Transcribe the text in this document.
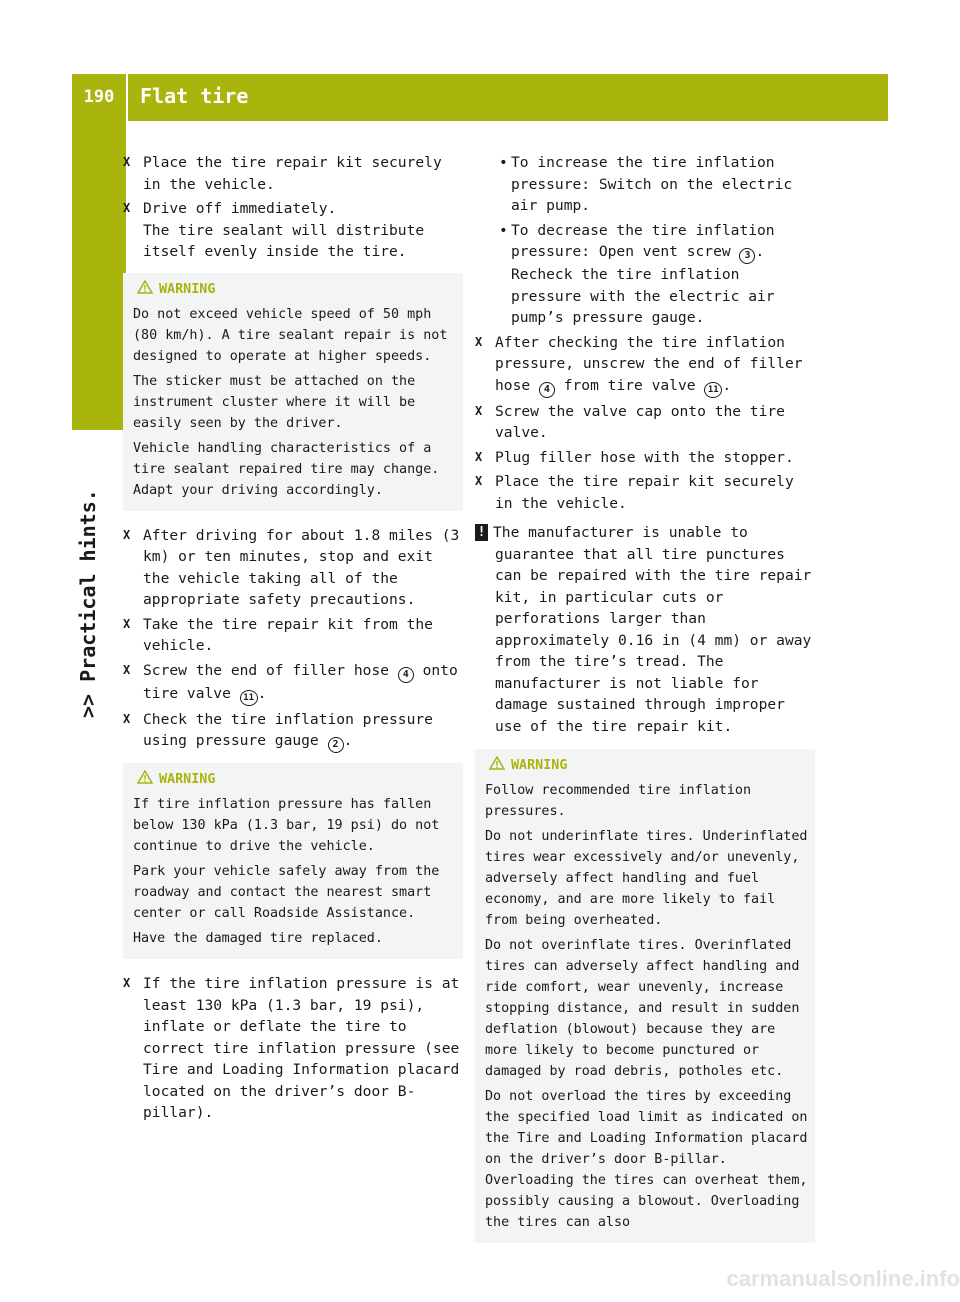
190	Flat tire
>> Practical hints.
X Place the tire repair kit securely in the vehicle.
X Drive off immediately.
The tire sealant will distribute itself evenly inside the tire.
WARNING

Do not exceed vehicle speed of 50 mph (80 km/h). A tire sealant repair is not designed to operate at higher speeds.

The sticker must be attached on the instrument cluster where it will be easily seen by the driver.

Vehicle handling characteristics of a tire sealant repaired tire may change. Adapt your driving accordingly.

X After driving for about 1.8 miles (3 km) or ten minutes, stop and exit the vehicle taking all of the appropriate safety precautions.
X Take the tire repair kit from the vehicle.
X Screw the end of filler hose 4 onto tire valve 11 .
X Check the tire inflation pressure using pressure gauge 2 .
WARNING

If tire inflation pressure has fallen below 130 kPa (1.3 bar, 19 psi) do not continue to drive the vehicle.

Park your vehicle safely away from the roadway and contact the nearest smart center or call Roadside Assistance.

Have the damaged tire replaced.

X If the tire inflation pressure is at least 130 kPa (1.3 bar, 19 psi), inflate or deflate the tire to correct tire inflation pressure (see Tire and Loading Information placard located on the driver’s door B-pillar).
• To increase the tire inflation pressure: Switch on the electric air pump.
• To decrease the tire inflation pressure: Open vent screw 3 . Recheck the tire inflation pressure with the electric air pump’s pressure gauge.
X After checking the tire inflation pressure, unscrew the end of filler hose 4 from tire valve 11 .
X Screw the valve cap onto the tire valve.
X Plug filler hose with the stopper.
X Place the tire repair kit securely in the vehicle.
! The manufacturer is unable to
guarantee that all tire punctures can be repaired with the tire repair kit, in particular cuts or perforations larger than approximately 0.16 in (4 mm) or away from the tire’s tread. The manufacturer is not liable for damage sustained through improper use of the tire repair kit.
WARNING

Follow recommended tire inflation pressures.

Do not underinflate tires. Underinflated tires wear excessively and/or unevenly, adversely affect handling and fuel economy, and are more likely to fail from being overheated.

Do not overinflate tires. Overinflated tires can adversely affect handling and ride comfort, wear unevenly, increase stopping distance, and result in sudden deflation (blowout) because they are more likely to become punctured or damaged by road debris, potholes etc.

Do not overload the tires by exceeding the specified load limit as indicated on the Tire and Loading Information placard on the driver’s door B-pillar. Overloading the tires can overheat them, possibly causing a blowout. Overloading the tires can also

carmanualsonline.info
